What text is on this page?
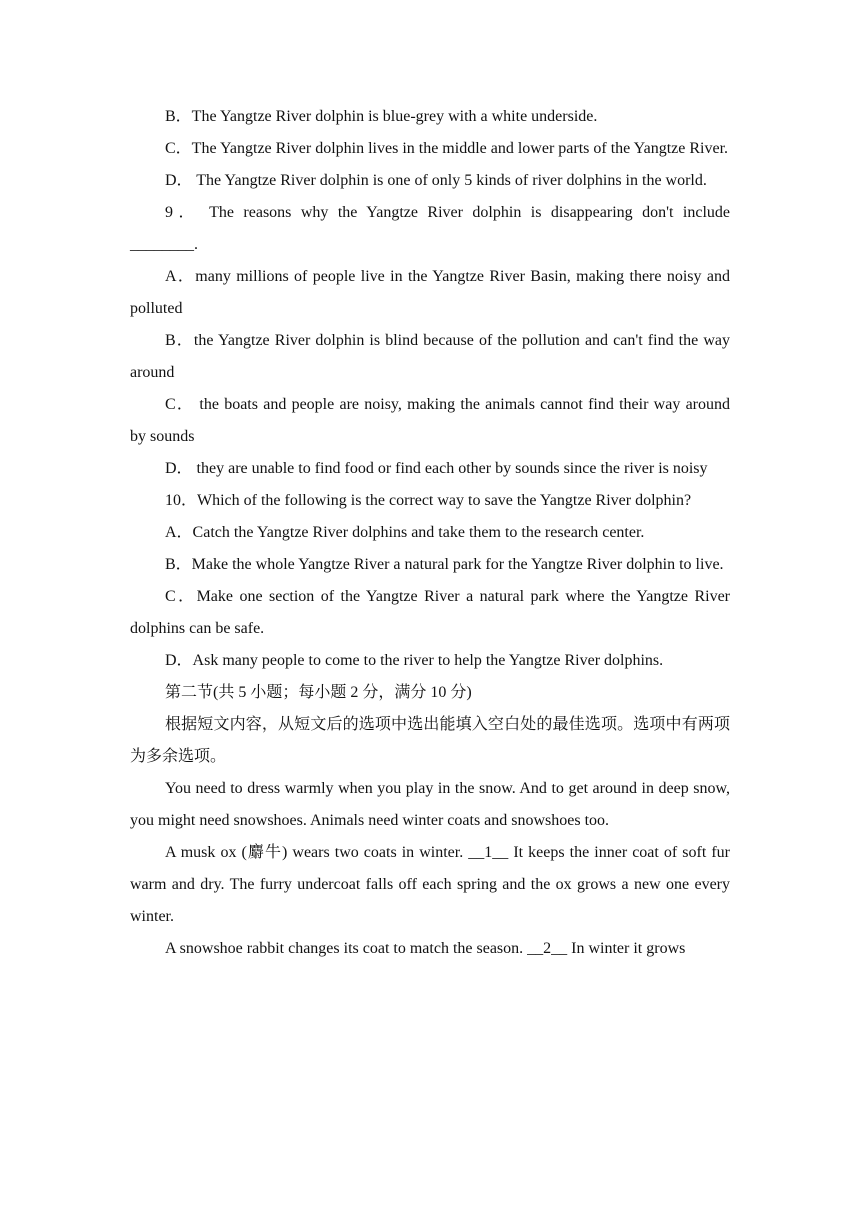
B．The Yangtze River dolphin is blue-grey with a white underside.

C．The Yangtze River dolphin lives in the middle and lower parts of the Yangtze River.

D． The Yangtze River dolphin is one of only 5 kinds of river dolphins in the world.

9． The reasons why the Yangtze River dolphin is disappearing don't include ________.

A．many millions of people live in the Yangtze River Basin, making there noisy and polluted

B．the Yangtze River dolphin is blind because of the pollution and can't find the way around

C． the boats and people are noisy, making the animals cannot find their way around by sounds

D． they are unable to find food or find each other by sounds since the river is noisy

10．Which of the following is the correct way to save the Yangtze River dolphin?

A．Catch the Yangtze River dolphins and take them to the research center.

B．Make the whole Yangtze River a natural park for the Yangtze River dolphin to live.

C．Make one section of the Yangtze River a natural park where the Yangtze River dolphins can be safe.

D．Ask many people to come to the river to help the Yangtze River dolphins.

第二节(共 5 小题；每小题 2 分，满分 10 分)

根据短文内容，从短文后的选项中选出能填入空白处的最佳选项。选项中有两项为多余选项。

You need to dress warmly when you play in the snow. And to get around in deep snow, you might need snowshoes. Animals need winter coats and snowshoes too.

A musk ox (麝牛) wears two coats in winter. __1__ It keeps the inner coat of soft fur warm and dry. The furry undercoat falls off each spring and the ox grows a new one every winter.

A snowshoe rabbit changes its coat to match the season. __2__ In winter it grows
